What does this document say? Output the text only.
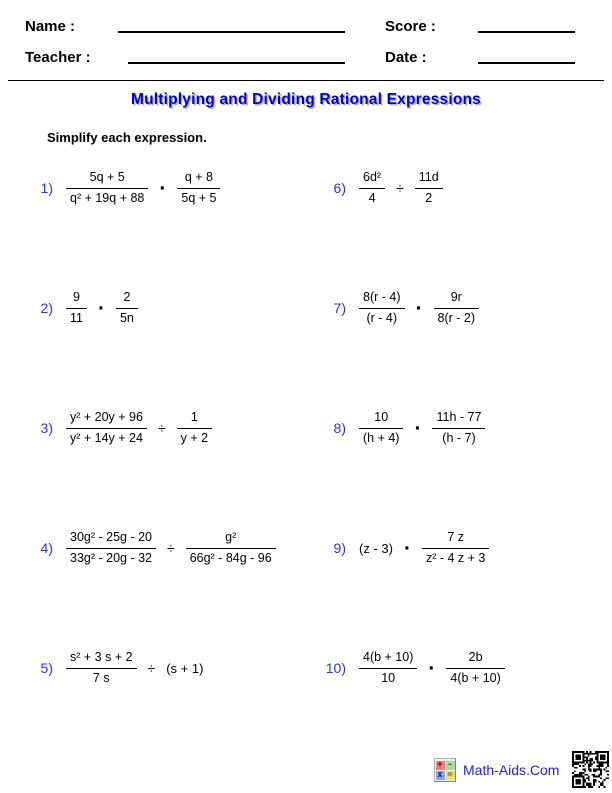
Name :	Score :
Teacher :	Date :
Multiplying and Dividing Rational Expressions
Simplify each expression.
$1) \frac{5q + 5}{\text{q² + 19q + 88}} \cdot \frac{q + 8}{5q + 5}$
$2) \frac{9}{11} \cdot \frac{2}{5n}$
$3) \frac{\text{y² + 20y + 96}}{\text{y² + 14y + 24}} \div \frac{1}{y + 2}$
$4) \frac{\text{30g² - 25g - 20}}{\text{33g² - 20g - 32}} \div \frac{\text{g²}}{\text{66g² - 84g - 96}}$
$5) \frac{\text{s² + 3 s + 2}}{7 s} \div (s + 1)$
$6) \frac{\text{6d²}}{4} \div \frac{11d}{2}$
$7) \frac{8(r - 4)}{(r - 4)} \cdot \frac{9r}{8(r - 2)}$
$8) \frac{10}{(h + 4)} \cdot \frac{11h - 77}{(h - 7)}$
9) $(z - 3) \cdot \frac{7 z}{\text{z² - 4 z + 3}}$
$10) \frac{4(b + 10)}{10} \cdot \frac{2b}{4(b + 10)}$
+ -
x = Math-Aids.Com
